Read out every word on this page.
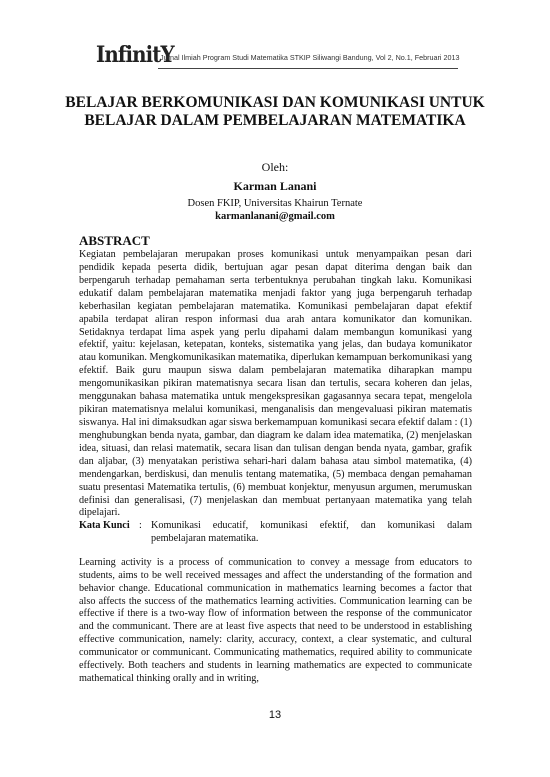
InfinitY
Jurnal Ilmiah Program Studi Matematika STKIP Siliwangi Bandung, Vol 2, No.1, Februari 2013
BELAJAR BERKOMUNIKASI DAN KOMUNIKASI UNTUK BELAJAR DALAM PEMBELAJARAN MATEMATIKA
Oleh:
Karman Lanani
Dosen FKIP, Universitas Khairun Ternate
karmanlanani@gmail.com
ABSTRACT
Kegiatan pembelajaran merupakan proses komunikasi untuk menyampaikan pesan dari pendidik kepada peserta didik, bertujuan agar pesan dapat diterima dengan baik dan berpengaruh terhadap pemahaman serta terbentuknya perubahan tingkah laku. Komunikasi edukatif dalam pembelajaran matematika menjadi faktor yang juga berpengaruh terhadap keberhasilan kegiatan pembelajaran matematika. Komunikasi pembelajaran dapat efektif apabila terdapat aliran respon informasi dua arah antara komunikator dan komunikan. Setidaknya terdapat lima aspek yang perlu dipahami dalam membangun komunikasi yang efektif, yaitu: kejelasan, ketepatan, konteks, sistematika yang jelas, dan budaya komunikator atau komunikan. Mengkomunikasikan matematika, diperlukan kemampuan berkomunikasi yang efektif. Baik guru maupun siswa dalam pembelajaran matematika diharapkan mampu mengomunikasikan pikiran matematisnya secara lisan dan tertulis, secara koheren dan jelas, menggunakan bahasa matematika untuk mengekspresikan gagasannya secara tepat, mengelola pikiran matematisnya melalui komunikasi, menganalisis dan mengevaluasi pikiran matematis siswanya. Hal ini dimaksudkan agar siswa berkemampuan komunikasi secara efektif dalam : (1) menghubungkan benda nyata, gambar, dan diagram ke dalam idea matematika, (2) menjelaskan idea, situasi, dan relasi matematik, secara lisan dan tulisan dengan benda nyata, gambar, grafik dan aljabar, (3) menyatakan peristiwa sehari-hari dalam bahasa atau simbol matematika, (4) mendengarkan, berdiskusi, dan menulis tentang matematika, (5) membaca dengan pemahaman suatu presentasi Matematika tertulis, (6) membuat konjektur, menyusun argumen, merumuskan definisi dan generalisasi, (7) menjelaskan dan membuat pertanyaan matematika yang telah dipelajari.
Kata Kunci : Komunikasi educatif, komunikasi efektif, dan komunikasi dalam pembelajaran matematika.
Learning activity is a process of communication to convey a message from educators to students, aims to be well received messages and affect the understanding of the formation and behavior change. Educational communication in mathematics learning becomes a factor that also affects the success of the mathematics learning activities. Communication learning can be effective if there is a two-way flow of information between the response of the communicator and the communicant. There are at least five aspects that need to be understood in establishing effective communication, namely: clarity, accuracy, context, a clear systematic, and cultural communicator or communicant. Communicating mathematics, required ability to communicate effectively. Both teachers and students in learning mathematics are expected to communicate mathematical thinking orally and in writing,
13
